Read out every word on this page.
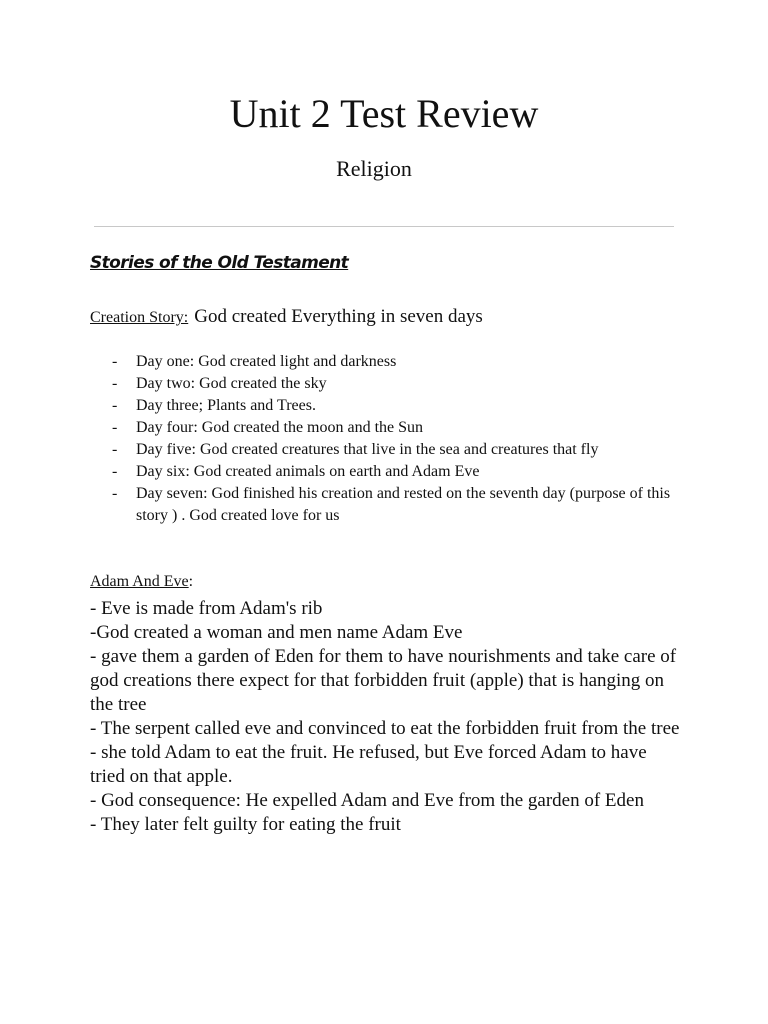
Unit 2 Test Review
Religion
Stories of the Old Testament
Creation Story: God created Everything in seven days
- Day one: God created light and darkness
- Day two: God created the sky
- Day three; Plants and Trees.
- Day four: God created the moon and the Sun
- Day five: God created creatures that live in the sea and creatures that fly
- Day six: God created animals on earth and Adam Eve
- Day seven: God finished his creation and rested on the seventh day (purpose of this story ) . God created love for us
Adam And Eve:

- Eve is made from Adam's rib

-God created a woman and men name Adam Eve

- gave them a garden of Eden for them to have nourishments and take care of god creations there expect for that forbidden fruit (apple) that is hanging on the tree

- The serpent called eve and convinced to eat the forbidden fruit from the tree

- she told Adam to eat the fruit. He refused, but Eve forced Adam to have tried on that apple.

- God consequence: He expelled Adam and Eve from the garden of Eden

- They later felt guilty for eating the fruit
